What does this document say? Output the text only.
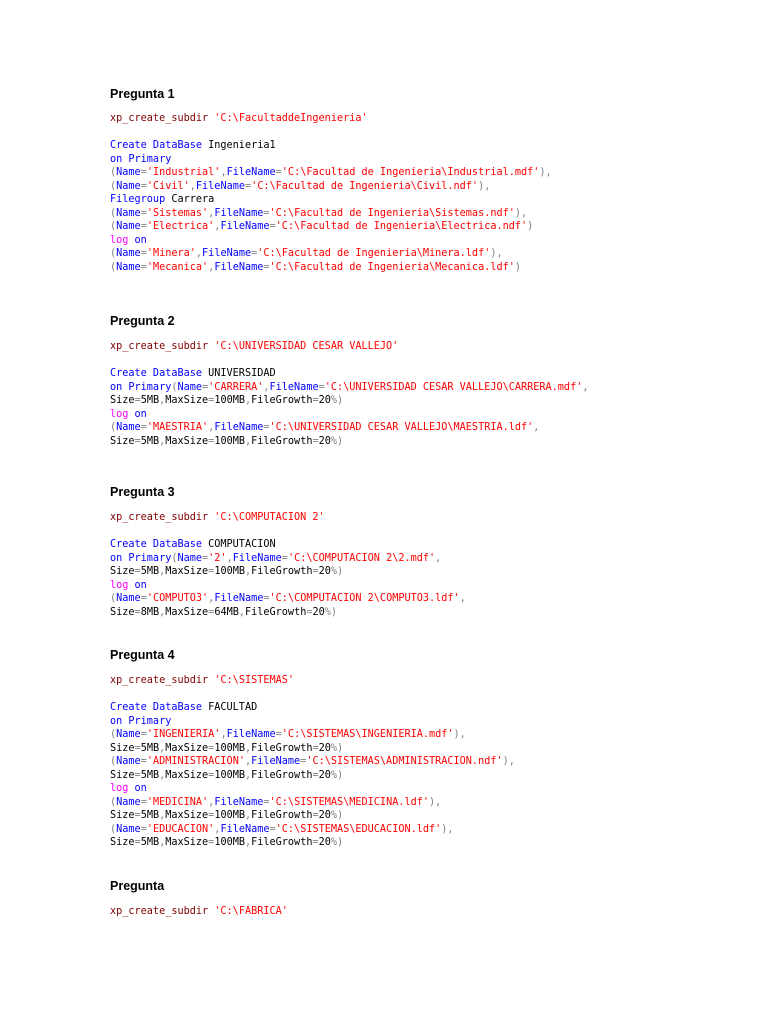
Pregunta 1
xp_create_subdir 'C:\FacultaddeIngenieria'
Create DataBase Ingenieria1
on Primary
(Name='Industrial',FileName='C:\Facultad de Ingenieria\Industrial.mdf'),
(Name='Civil',FileName='C:\Facultad de Ingenieria\Civil.ndf'),
Filegroup Carrera
(Name='Sistemas',FileName='C:\Facultad de Ingenieria\Sistemas.ndf'),
(Name='Electrica',FileName='C:\Facultad de Ingenieria\Electrica.ndf')
log on
(Name='Minera',FileName='C:\Facultad de Ingenieria\Minera.ldf'),
(Name='Mecanica',FileName='C:\Facultad de Ingenieria\Mecanica.ldf')
Pregunta 2
xp_create_subdir 'C:\UNIVERSIDAD CESAR VALLEJO'
Create DataBase UNIVERSIDAD
on Primary(Name='CARRERA',FileName='C:\UNIVERSIDAD CESAR VALLEJO\CARRERA.mdf',
Size=5MB,MaxSize=100MB,FileGrowth=20%)
log on
(Name='MAESTRIA',FileName='C:\UNIVERSIDAD CESAR VALLEJO\MAESTRIA.ldf',
Size=5MB,MaxSize=100MB,FileGrowth=20%)
Pregunta 3
xp_create_subdir 'C:\COMPUTACION 2'
Create DataBase COMPUTACION
on Primary(Name='2',FileName='C:\COMPUTACION 2\2.mdf',
Size=5MB,MaxSize=100MB,FileGrowth=20%)
log on
(Name='COMPUTO3',FileName='C:\COMPUTACION 2\COMPUTO3.ldf',
Size=8MB,MaxSize=64MB,FileGrowth=20%)
Pregunta 4
xp_create_subdir 'C:\SISTEMAS'
Create DataBase FACULTAD
on Primary
(Name='INGENIERIA',FileName='C:\SISTEMAS\INGENIERIA.mdf'),
Size=5MB,MaxSize=100MB,FileGrowth=20%)
(Name='ADMINISTRACION',FileName='C:\SISTEMAS\ADMINISTRACION.ndf'),
Size=5MB,MaxSize=100MB,FileGrowth=20%)
log on
(Name='MEDICINA',FileName='C:\SISTEMAS\MEDICINA.ldf'),
Size=5MB,MaxSize=100MB,FileGrowth=20%)
(Name='EDUCACION',FileName='C:\SISTEMAS\EDUCACION.ldf'),
Size=5MB,MaxSize=100MB,FileGrowth=20%)
Pregunta
xp_create_subdir 'C:\FABRICA'
